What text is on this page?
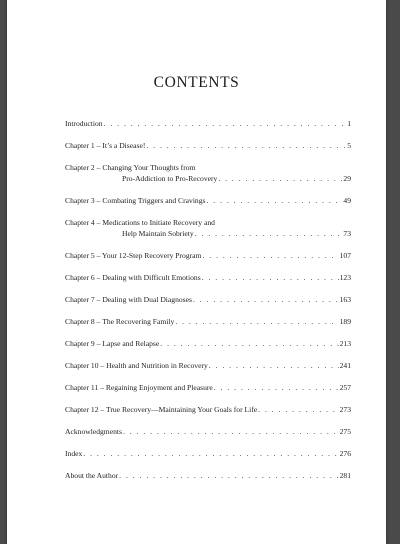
CONTENTS
Introduction . . .	1
Chapter 1 – It’s a Disease! . . .	5
Chapter 2 – Changing Your Thoughts from
Pro-Addiction to Pro-Recovery . . .	29
Chapter 3 – Combating Triggers and Cravings . . .	49
Chapter 4 – Medications to Initiate Recovery and
Help Maintain Sobriety . . .	73
Chapter 5 – Your 12-Step Recovery Program . . .	107
Chapter 6 – Dealing with Difficult Emotions . . .	123
Chapter 7 – Dealing with Dual Diagnoses . . .	163
Chapter 8 – The Recovering Family . . .	189
Chapter 9 – Lapse and Relapse . . .	213
Chapter 10 – Health and Nutrition in Recovery . . .	241
Chapter 11 – Regaining Enjoyment and Pleasure . . .	257
Chapter 12 – True Recovery—Maintaining Your Goals for Life . . .	273
Acknowledgments . . .	275
Index . . .	276
About the Author . . .	281
